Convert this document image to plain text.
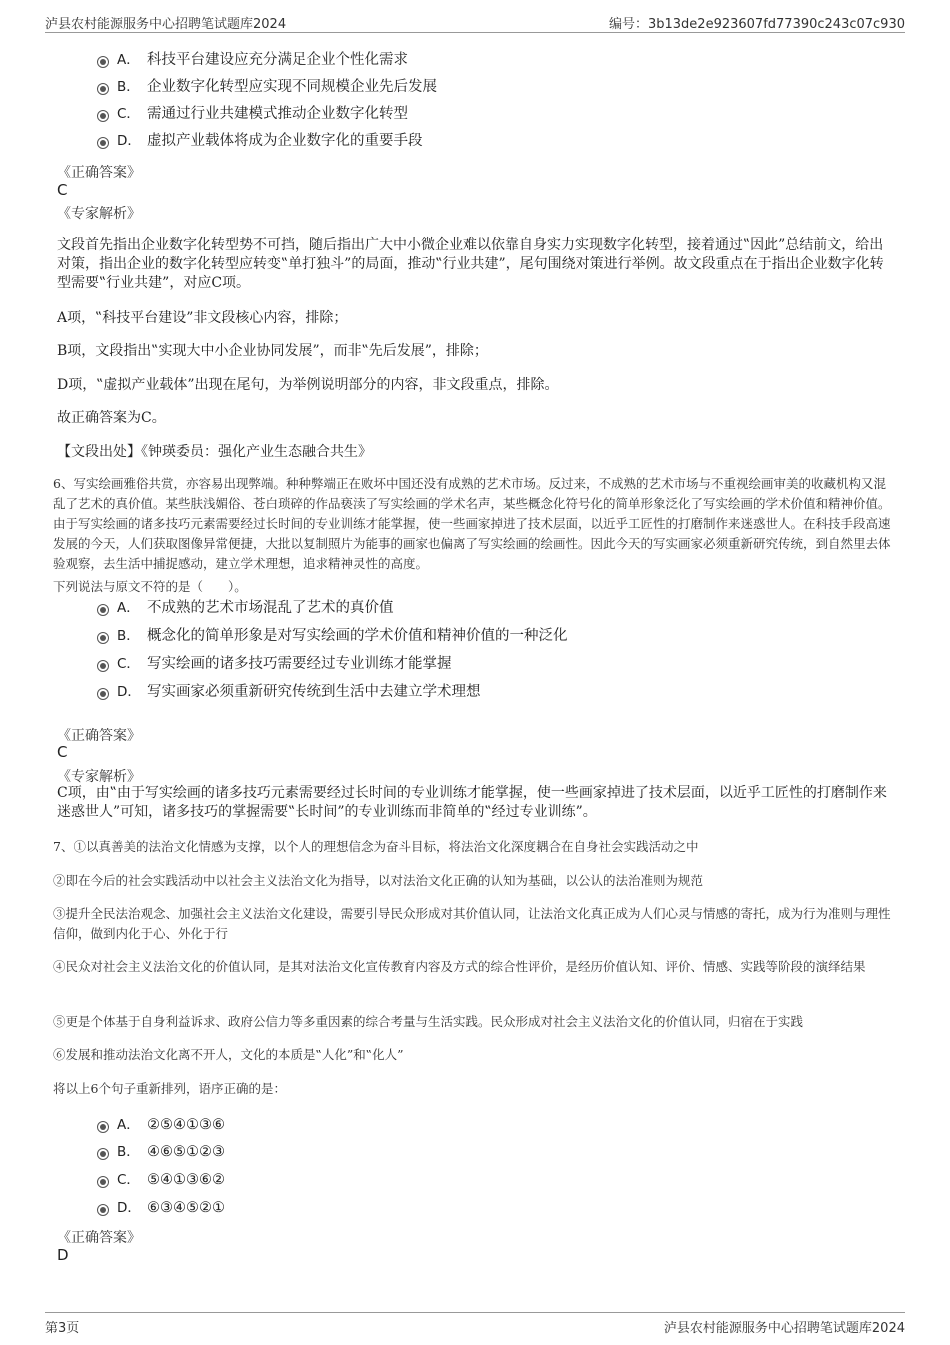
泸县农村能源服务中心招聘笔试题库2024	编号：3b13de2e923607fd77390c243c07c930
A． 科技平台建设应充分满足企业个性化需求
B． 企业数字化转型应实现不同规模企业先后发展
C． 需通过行业共建模式推动企业数字化转型
D． 虚拟产业载体将成为企业数字化的重要手段
《正确答案》
C
《专家解析》
文段首先指出企业数字化转型势不可挡，随后指出广大中小微企业难以依靠自身实力实现数字化转型，接着通过‟因此”总结前文，给出对策，指出企业的数字化转型应转变‟单打独斗”的局面，推动‟行业共建”，尾句围绕对策进行举例。故文段重点在于指出企业数字化转型需要‟行业共建”，对应C项。
A项，‟科技平台建设”非文段核心内容，排除；
B项，文段指出‟实现大中小企业协同发展”，而非‟先后发展”，排除；
D项，‟虚拟产业载体”出现在尾句，为举例说明部分的内容，非文段重点，排除。
故正确答案为C。
【文段出处】《钟瑛委员：强化产业生态融合共生》
6、写实绘画雅俗共赏，亦容易出现弊端。种种弊端正在败坏中国还没有成熟的艺术市场。反过来，不成熟的艺术市场与不重视绘画审美的收藏机构又混乱了艺术的真价值。某些肤浅媚俗、苍白琐碎的作品亵渎了写实绘画的学术名声，某些概念化符号化的简单形象泛化了写实绘画的学术价值和精神价值。由于写实绘画的诸多技巧元素需要经过长时间的专业训练才能掌握，使一些画家掉进了技术层面，以近乎工匠性的打磨制作来迷惑世人。在科技手段高速发展的今天，人们获取图像异常便捷，大批以复制照片为能事的画家也偏离了写实绘画的绘画性。因此今天的写实画家必须重新研究传统，到自然里去体验观察，去生活中捕捉感动，建立学术理想，追求精神灵性的高度。
下列说法与原文不符的是（　　）。
A． 不成熟的艺术市场混乱了艺术的真价值
B． 概念化的简单形象是对写实绘画的学术价值和精神价值的一种泛化
C． 写实绘画的诸多技巧需要经过专业训练才能掌握
D． 写实画家必须重新研究传统到生活中去建立学术理想
《正确答案》
C
《专家解析》
C项，由‟由于写实绘画的诸多技巧元素需要经过长时间的专业训练才能掌握，使一些画家掉进了技术层面，以近乎工匠性的打磨制作来迷惑世人”可知，诸多技巧的掌握需要‟长时间”的专业训练而非简单的‟经过专业训练”。
7、①以真善美的法治文化情感为支撑，以个人的理想信念为奋斗目标，将法治文化深度耦合在自身社会实践活动之中
②即在今后的社会实践活动中以社会主义法治文化为指导，以对法治文化正确的认知为基础，以公认的法治准则为规范
③提升全民法治观念、加强社会主义法治文化建设，需要引导民众形成对其价值认同，让法治文化真正成为人们心灵与情感的寄托，成为行为准则与理性信仰，做到内化于心、外化于行
④民众对社会主义法治文化的价值认同，是其对法治文化宣传教育内容及方式的综合性评价，是经历价值认知、评价、情感、实践等阶段的演绎结果
⑤更是个体基于自身利益诉求、政府公信力等多重因素的综合考量与生活实践。民众形成对社会主义法治文化的价值认同，归宿在于实践
⑥发展和推动法治文化离不开人，文化的本质是‟人化”和‟化人”
将以上6个句子重新排列，语序正确的是：
A． ②⑤④①③⑥
B． ④⑥⑤①②③
C． ⑤④①③⑥②
D． ⑥③④⑤②①
《正确答案》
D
第3页	泸县农村能源服务中心招聘笔试题库2024
